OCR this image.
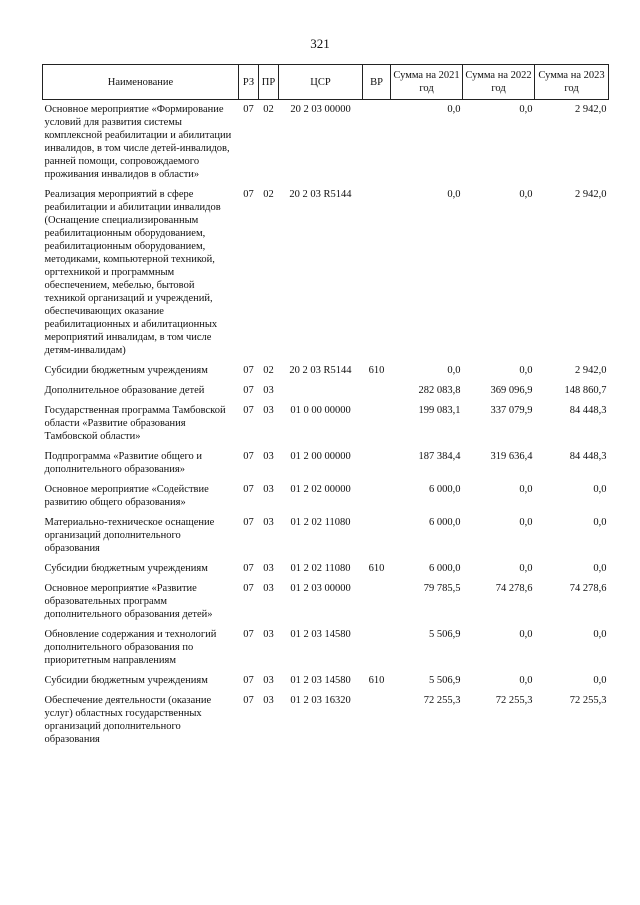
321
Наименование	РЗ	ПР	ЦСР	ВР	Сумма на 2021 год	Сумма на 2022 год	Сумма на 2023 год
Основное мероприятие «Формирование условий для развития системы комплексной реабилитации и абилитации инвалидов, в том числе детей-инвалидов, ранней помощи, сопровождаемого проживания инвалидов в области»	07	02	20 2 03 00000		0,0	0,0	2 942,0
Реализация мероприятий в сфере реабилитации и абилитации инвалидов (Оснащение специализированным реабилитационным оборудованием, реабилитационным оборудованием, методиками, компьютерной техникой, оргтехникой и программным обеспечением, мебелью, бытовой техникой организаций и учреждений, обеспечивающих оказание реабилитационных и абилитационных мероприятий инвалидам, в том числе детям-инвалидам)	07	02	20 2 03 R5144		0,0	0,0	2 942,0
Субсидии бюджетным учреждениям	07	02	20 2 03 R5144	610	0,0	0,0	2 942,0
Дополнительное образование детей	07	03			282 083,8	369 096,9	148 860,7
Государственная программа Тамбовской области «Развитие образования Тамбовской области»	07	03	01 0 00 00000		199 083,1	337 079,9	84 448,3
Подпрограмма «Развитие общего и дополнительного образования»	07	03	01 2 00 00000		187 384,4	319 636,4	84 448,3
Основное мероприятие «Содействие развитию общего образования»	07	03	01 2 02 00000		6 000,0	0,0	0,0
Материально-техническое оснащение организаций дополнительного образования	07	03	01 2 02 11080		6 000,0	0,0	0,0
Субсидии бюджетным учреждениям	07	03	01 2 02 11080	610	6 000,0	0,0	0,0
Основное мероприятие «Развитие образовательных программ дополнительного образования детей»	07	03	01 2 03 00000		79 785,5	74 278,6	74 278,6
Обновление содержания и технологий дополнительного образования по приоритетным направлениям	07	03	01 2 03 14580		5 506,9	0,0	0,0
Субсидии бюджетным учреждениям	07	03	01 2 03 14580	610	5 506,9	0,0	0,0
Обеспечение деятельности (оказание услуг) областных государственных организаций дополнительного образования	07	03	01 2 03 16320		72 255,3	72 255,3	72 255,3
